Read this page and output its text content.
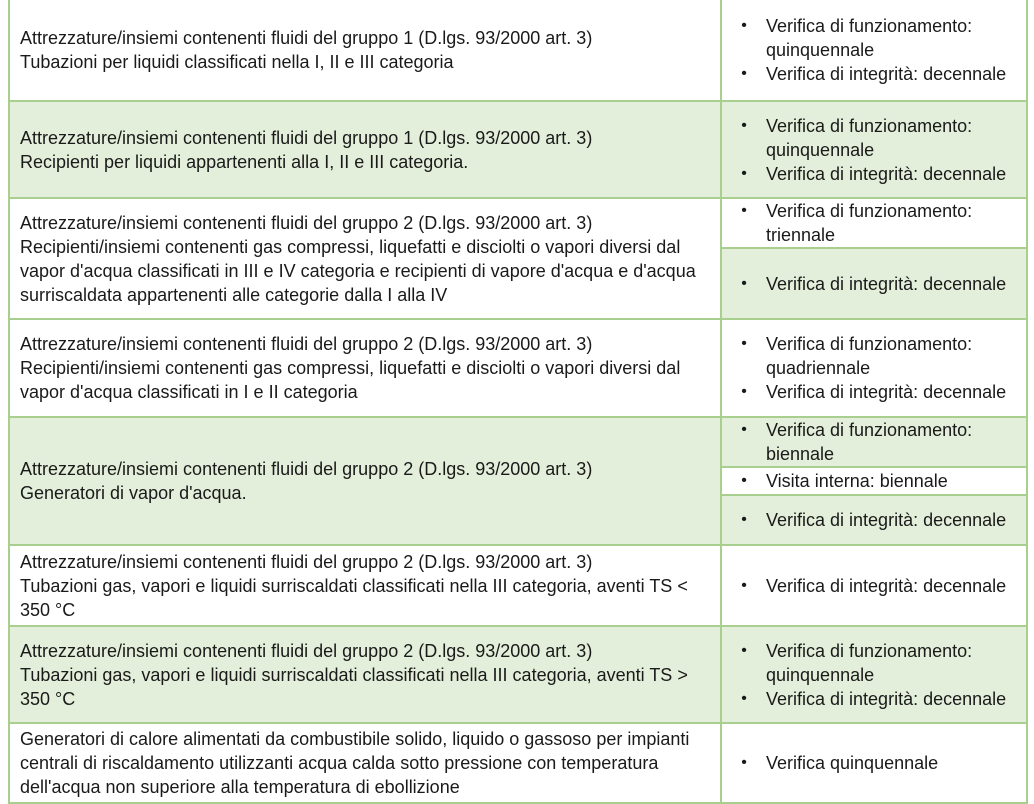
Attrezzature/insiemi contenenti fluidi del gruppo 1 (D.lgs. 93/2000 art. 3)
Tubazioni per liquidi classificati nella I, II e III categoria
•	Verifica di funzionamento: quinquennale
•	Verifica di integrità: decennale
Attrezzature/insiemi contenenti fluidi del gruppo 1 (D.lgs. 93/2000 art. 3)
Recipienti per liquidi appartenenti alla I, II e III categoria.
•	Verifica di funzionamento: quinquennale
•	Verifica di integrità: decennale
Attrezzature/insiemi contenenti fluidi del gruppo 2 (D.lgs. 93/2000 art. 3)
Recipienti/insiemi contenenti gas compressi, liquefatti e disciolti o vapori diversi dal vapor d'acqua classificati in III e IV categoria e recipienti di vapore d'acqua e d'acqua surriscaldata appartenenti alle categorie dalla I alla IV
•	Verifica di funzionamento: triennale
•	Verifica di integrità: decennale
Attrezzature/insiemi contenenti fluidi del gruppo 2 (D.lgs. 93/2000 art. 3)
Recipienti/insiemi contenenti gas compressi, liquefatti e disciolti o vapori diversi dal vapor d'acqua classificati in I e II categoria
•	Verifica di funzionamento: quadriennale
•	Verifica di integrità: decennale
Attrezzature/insiemi contenenti fluidi del gruppo 2 (D.lgs. 93/2000 art. 3)
Generatori di vapor d'acqua.
•	Verifica di funzionamento: biennale
•	Visita interna: biennale
•	Verifica di integrità: decennale
Attrezzature/insiemi contenenti fluidi del gruppo 2 (D.lgs. 93/2000 art. 3)
Tubazioni gas, vapori e liquidi surriscaldati classificati nella III categoria, aventi TS < 350 °C
•	Verifica di integrità: decennale
Attrezzature/insiemi contenenti fluidi del gruppo 2 (D.lgs. 93/2000 art. 3)
Tubazioni gas, vapori e liquidi surriscaldati classificati nella III categoria, aventi TS > 350 °C
•	Verifica di funzionamento: quinquennale
•	Verifica di integrità: decennale
Generatori di calore alimentati da combustibile solido, liquido o gassoso per impianti centrali di riscaldamento utilizzanti acqua calda sotto pressione con temperatura dell'acqua non superiore alla temperatura di ebollizione
•	Verifica quinquennale
